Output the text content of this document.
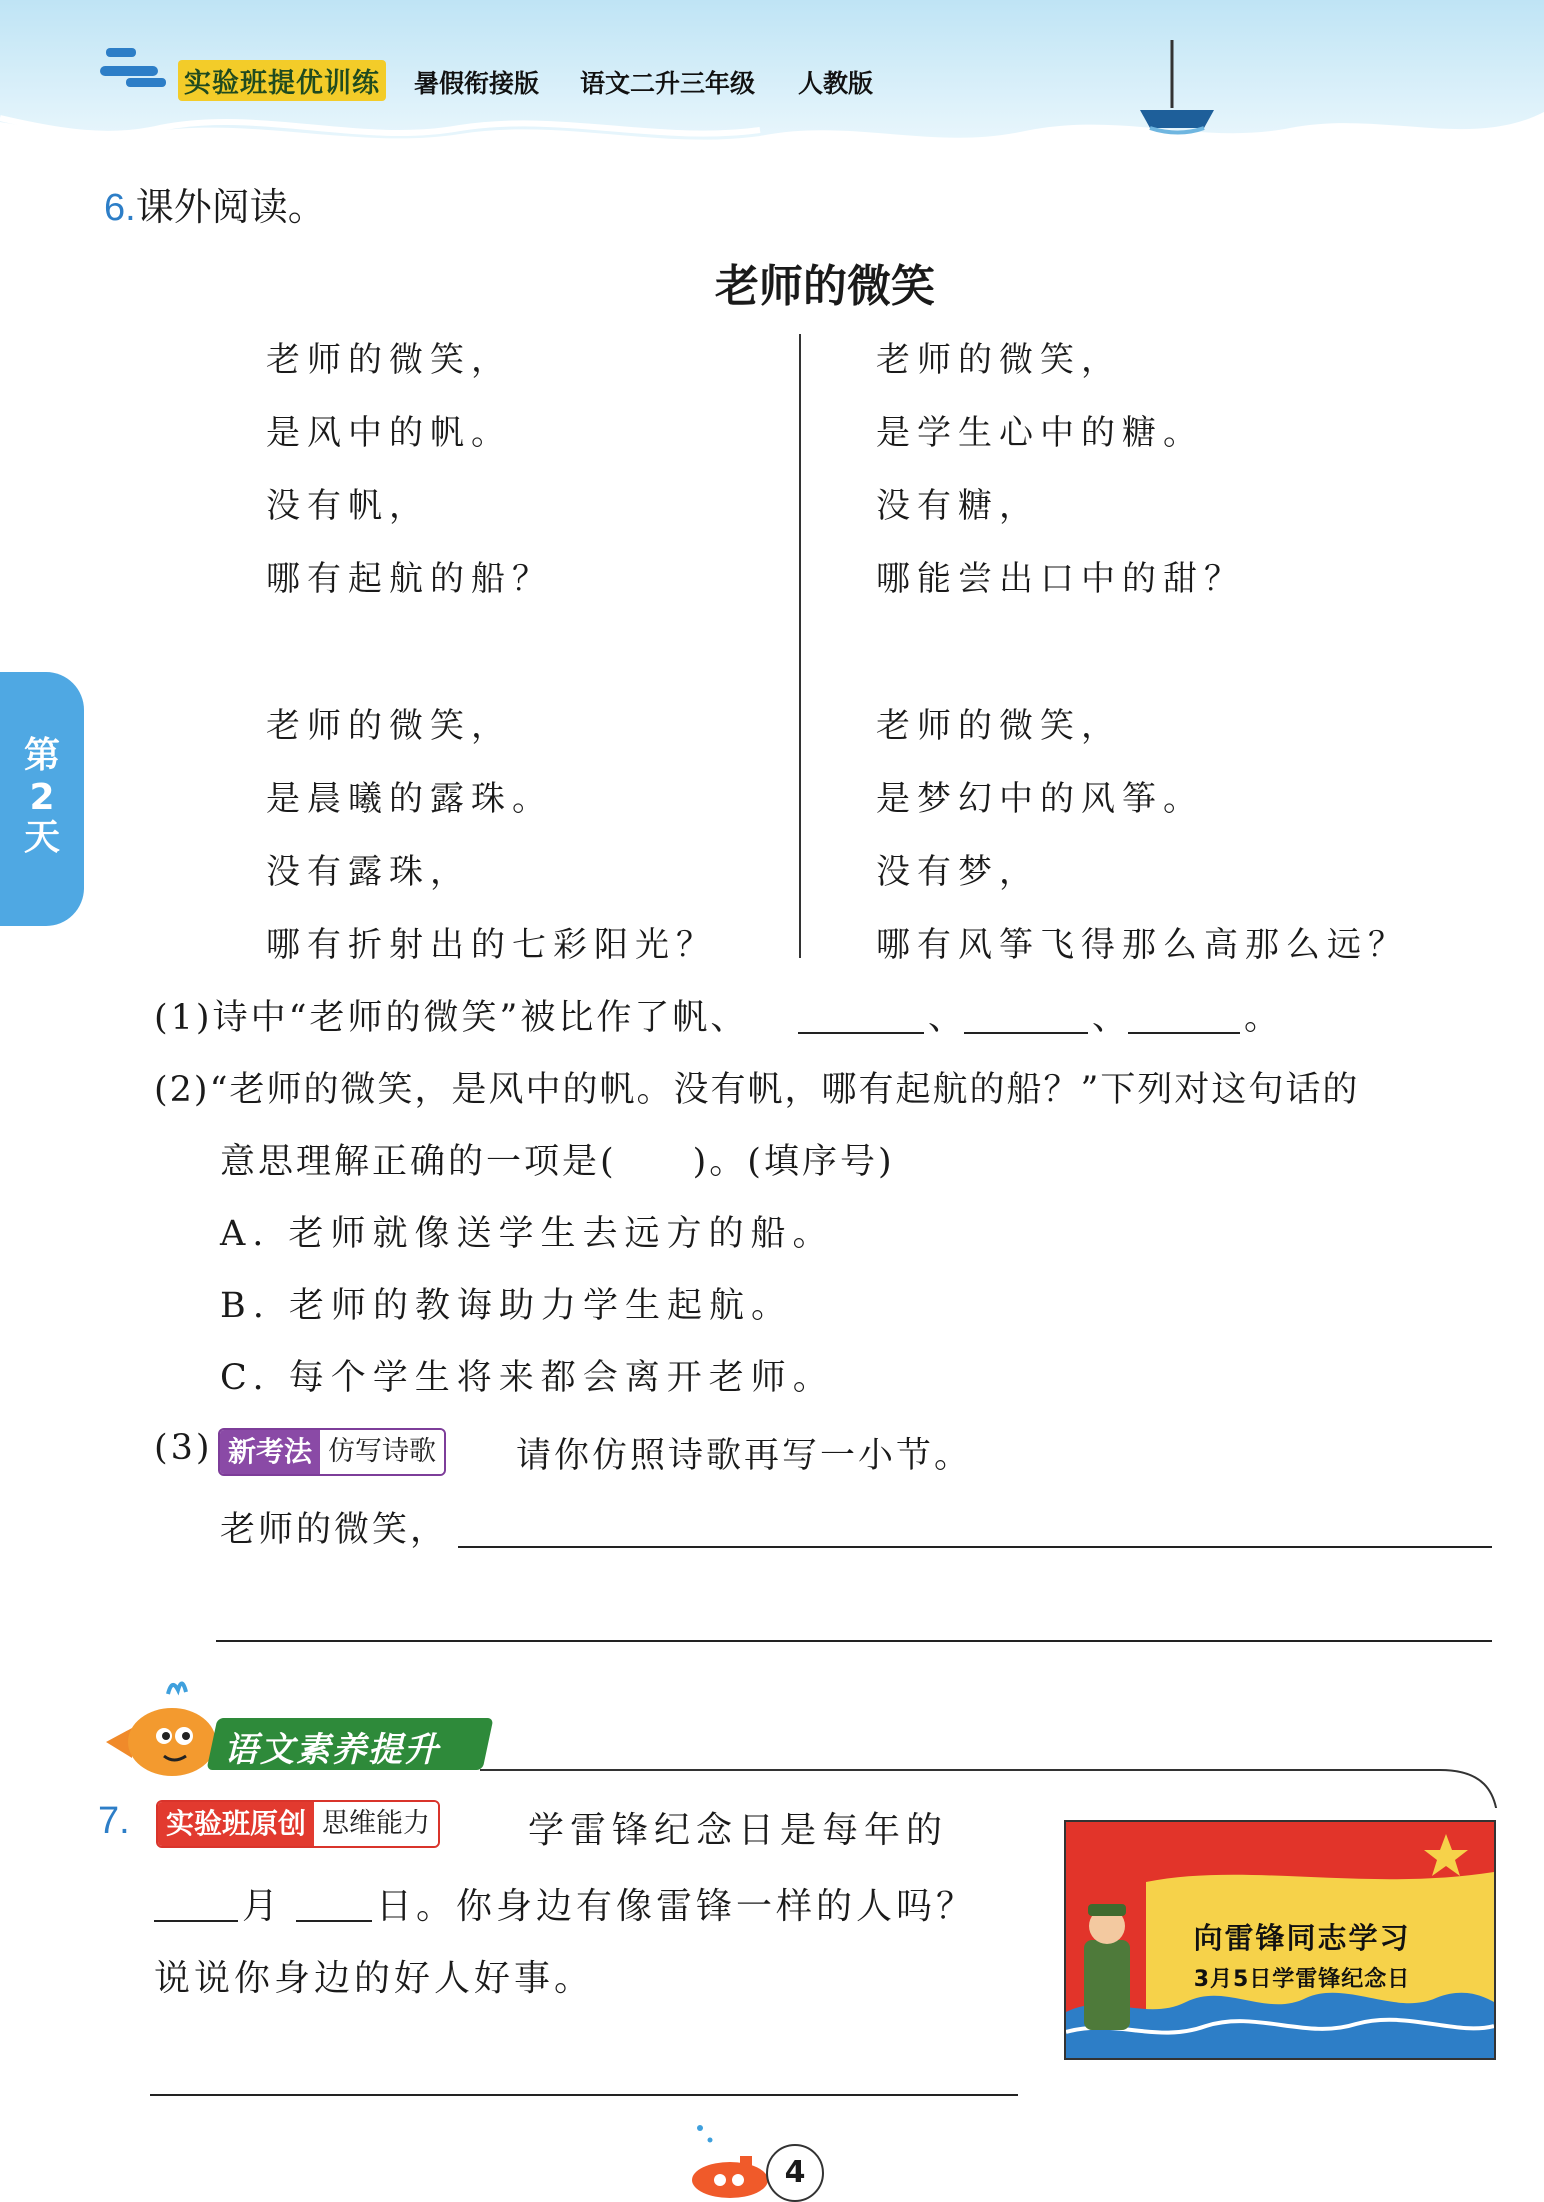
实验班提优训练 暑假衔接版 语文二升三年级 人教版
第
2
天
6.课外阅读。
老师的微笑
老师的微笑，
是风中的帆。
没有帆，
哪有起航的船？
老师的微笑，
是晨曦的露珠。
没有露珠，
哪有折射出的七彩阳光？
老师的微笑，
是学生心中的糖。
没有糖，
哪能尝出口中的甜？
老师的微笑，
是梦幻中的风筝。
没有梦，
哪有风筝飞得那么高那么远？
(1)诗中“老师的微笑”被比作了帆、	、	、	。
(2)“老师的微笑，是风中的帆。没有帆，哪有起航的船？”下列对这句话的
意思理解正确的一项是(　　)。(填序号)
A. 老师就像送学生去远方的船。
B. 老师的教诲助力学生起航。
C. 每个学生将来都会离开老师。
(3) 新考法 仿写诗歌 请你仿照诗歌再写一小节。
老师的微笑，
语文素养提升
7. 实验班原创 思维能力	学雷锋纪念日是每年的
月	日。你身边有像雷锋一样的人吗？
说说你身边的好人好事。
向雷锋同志学习
3月5日学雷锋纪念日
4
